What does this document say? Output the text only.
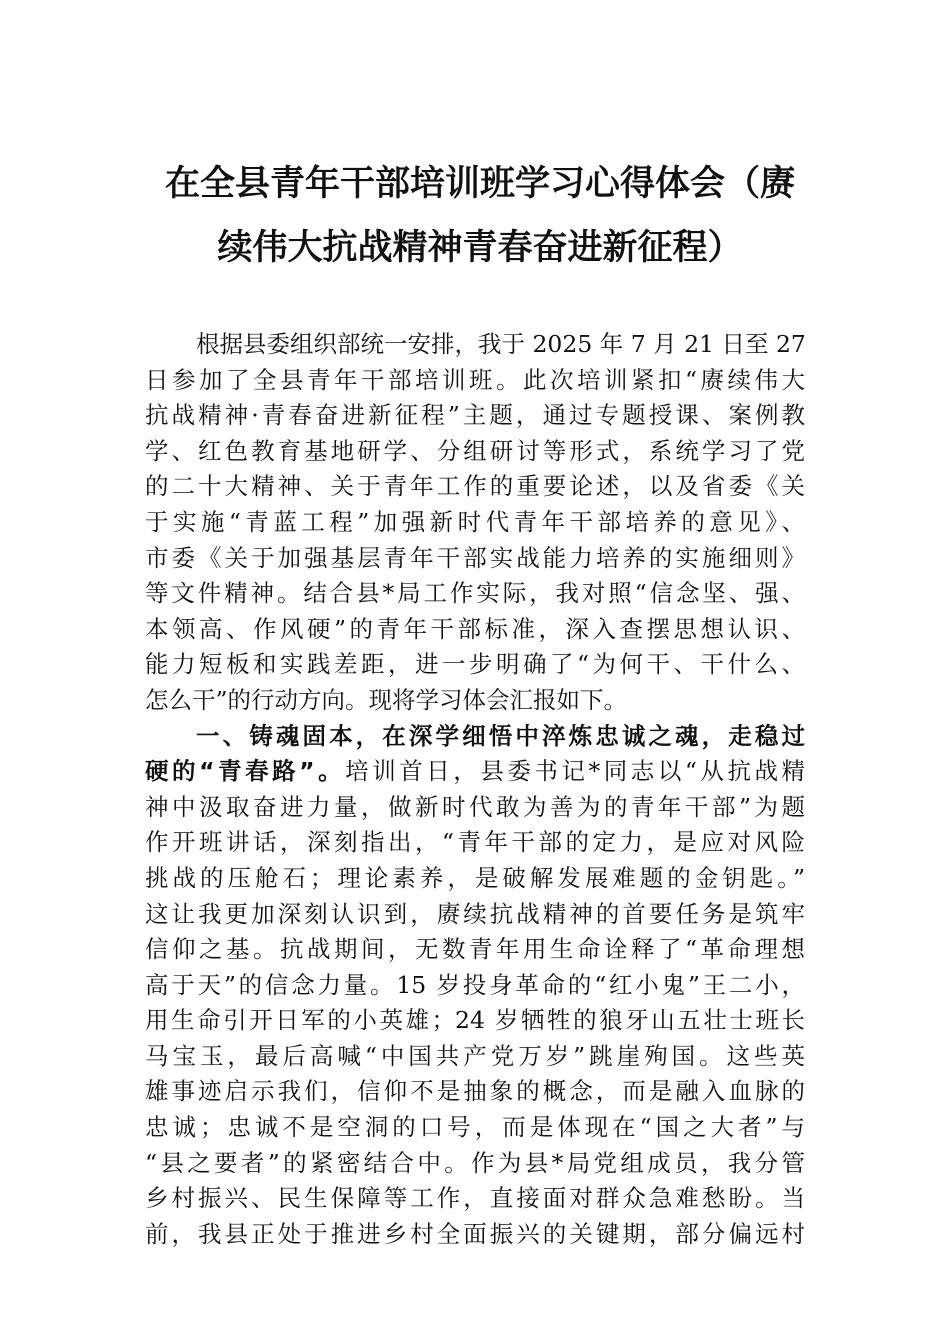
在全县青年干部培训班学习心得体会（赓
续伟大抗战精神青春奋进新征程）
根据县委组织部统一安排，我于 2025 年 7 月 21 日至 27
日参加了全县青年干部培训班。此次培训紧扣“赓续伟大
抗战精神·青春奋进新征程”主题，通过专题授课、案例教
学、红色教育基地研学、分组研讨等形式，系统学习了党
的二十大精神、关于青年工作的重要论述，以及省委《关
于实施“青蓝工程”加强新时代青年干部培养的意见》、
市委《关于加强基层青年干部实战能力培养的实施细则》
等文件精神。结合县*局工作实际，我对照“信念坚、强、
本领高、作风硬”的青年干部标准，深入查摆思想认识、
能力短板和实践差距，进一步明确了“为何干、干什么、
怎么干”的行动方向。现将学习体会汇报如下。
一、铸魂固本，在深学细悟中淬炼忠诚之魂，走稳过
硬的“青春路”。培训首日，县委书记*同志以“从抗战精
神中汲取奋进力量，做新时代敢为善为的青年干部”为题
作开班讲话，深刻指出，“青年干部的定力，是应对风险
挑战的压舱石；理论素养，是破解发展难题的金钥匙。”
这让我更加深刻认识到，赓续抗战精神的首要任务是筑牢
信仰之基。抗战期间，无数青年用生命诠释了“革命理想
高于天”的信念力量。15 岁投身革命的“红小鬼”王二小，
用生命引开日军的小英雄；24 岁牺牲的狼牙山五壮士班长
马宝玉，最后高喊“中国共产党万岁”跳崖殉国。这些英
雄事迹启示我们，信仰不是抽象的概念，而是融入血脉的
忠诚；忠诚不是空洞的口号，而是体现在“国之大者”与
“县之要者”的紧密结合中。作为县*局党组成员，我分管
乡村振兴、民生保障等工作，直接面对群众急难愁盼。当
前，我县正处于推进乡村全面振兴的关键期，部分偏远村
